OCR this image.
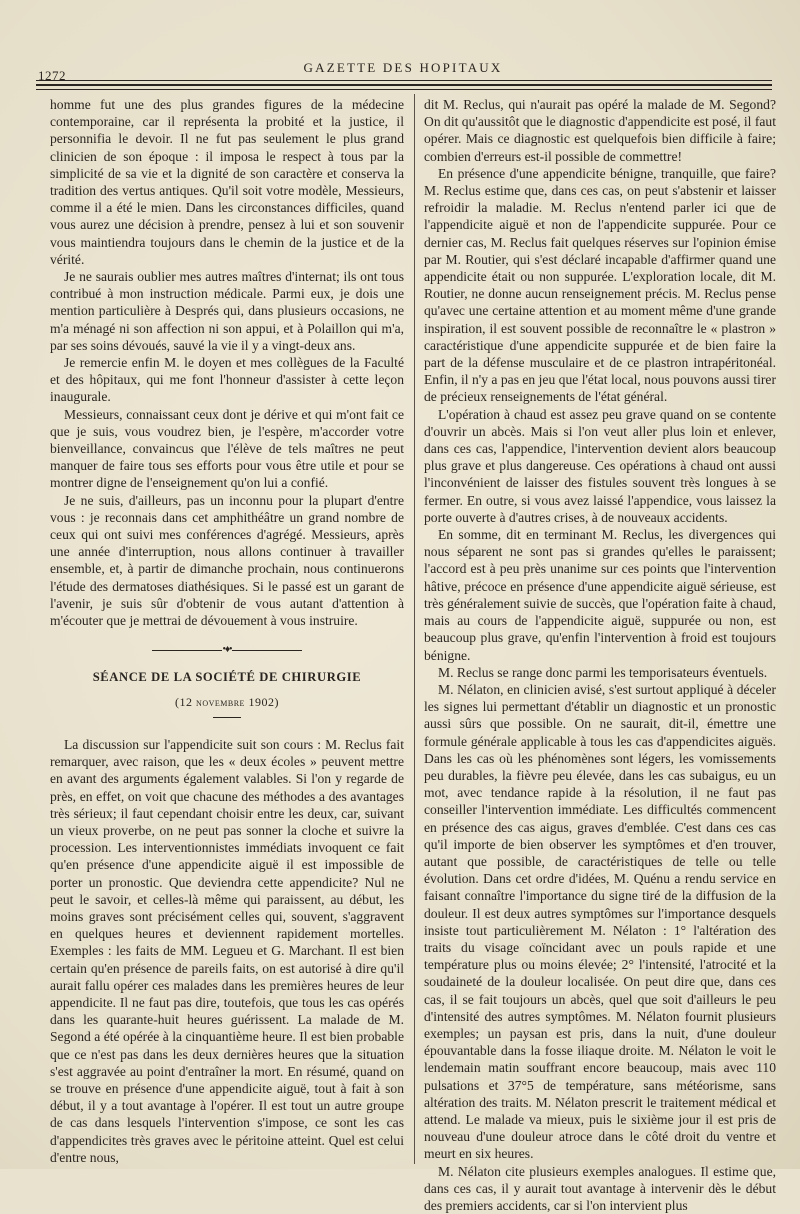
1272
GAZETTE DES HOPITAUX

homme fut une des plus grandes figures de la médecine contemporaine, car il représenta la probité et la justice, il personnifia le devoir. Il ne fut pas seulement le plus grand clinicien de son époque : il imposa le respect à tous par la simplicité de sa vie et la dignité de son caractère et conserva la tradition des vertus antiques. Qu'il soit votre modèle, Messieurs, comme il a été le mien. Dans les circonstances difficiles, quand vous aurez une décision à prendre, pensez à lui et son souvenir vous maintiendra toujours dans le chemin de la justice et de la vérité.

Je ne saurais oublier mes autres maîtres d'internat; ils ont tous contribué à mon instruction médicale. Parmi eux, je dois une mention particulière à Després qui, dans plusieurs occasions, ne m'a ménagé ni son affection ni son appui, et à Polaillon qui m'a, par ses soins dévoués, sauvé la vie il y a vingt-deux ans.

Je remercie enfin M. le doyen et mes collègues de la Faculté et des hôpitaux, qui me font l'honneur d'assister à cette leçon inaugurale.

Messieurs, connaissant ceux dont je dérive et qui m'ont fait ce que je suis, vous voudrez bien, je l'espère, m'accorder votre bienveillance, convaincus que l'élève de tels maîtres ne peut manquer de faire tous ses efforts pour vous être utile et pour se montrer digne de l'enseignement qu'on lui a confié.

Je ne suis, d'ailleurs, pas un inconnu pour la plupart d'entre vous : je reconnais dans cet amphithéâtre un grand nombre de ceux qui ont suivi mes conférences d'agrégé. Messieurs, après une année d'interruption, nous allons continuer à travailler ensemble, et, à partir de dimanche prochain, nous continuerons l'étude des dermatoses diathésiques. Si le passé est un garant de l'avenir, je suis sûr d'obtenir de vous autant d'attention à m'écouter que je mettrai de dévouement à vous instruire.

•♦•
SÉANCE DE LA SOCIÉTÉ DE CHIRURGIE
(12 novembre 1902)

La discussion sur l'appendicite suit son cours : M. Reclus fait remarquer, avec raison, que les « deux écoles » peuvent mettre en avant des arguments également valables. Si l'on y regarde de près, en effet, on voit que chacune des méthodes a des avantages très sérieux; il faut cependant choisir entre les deux, car, suivant un vieux proverbe, on ne peut pas sonner la cloche et suivre la procession. Les interventionnistes immédiats invoquent ce fait qu'en présence d'une appendicite aiguë il est impossible de porter un pronostic. Que deviendra cette appendicite? Nul ne peut le savoir, et celles-là même qui paraissent, au début, les moins graves sont précisément celles qui, souvent, s'aggravent en quelques heures et deviennent rapidement mortelles. Exemples : les faits de MM. Legueu et G. Marchant. Il est bien certain qu'en présence de pareils faits, on est autorisé à dire qu'il aurait fallu opérer ces malades dans les premières heures de leur appendicite. Il ne faut pas dire, toutefois, que tous les cas opérés dans les quarante-huit heures guérissent. La malade de M. Segond a été opérée à la cinquantième heure. Il est bien probable que ce n'est pas dans les deux dernières heures que la situation s'est aggravée au point d'entraîner la mort. En résumé, quand on se trouve en présence d'une appendicite aiguë, tout à fait à son début, il y a tout avantage à l'opérer. Il est tout un autre groupe de cas dans lesquels l'intervention s'impose, ce sont les cas d'appendicites très graves avec le péritoine atteint. Quel est celui d'entre nous,

dit M. Reclus, qui n'aurait pas opéré la malade de M. Segond? On dit qu'aussitôt que le diagnostic d'appendicite est posé, il faut opérer. Mais ce diagnostic est quelquefois bien difficile à faire; combien d'erreurs est-il possible de commettre!

En présence d'une appendicite bénigne, tranquille, que faire? M. Reclus estime que, dans ces cas, on peut s'abstenir et laisser refroidir la maladie. M. Reclus n'entend parler ici que de l'appendicite aiguë et non de l'appendicite suppurée. Pour ce dernier cas, M. Reclus fait quelques réserves sur l'opinion émise par M. Routier, qui s'est déclaré incapable d'affirmer quand une appendicite était ou non suppurée. L'exploration locale, dit M. Routier, ne donne aucun renseignement précis. M. Reclus pense qu'avec une certaine attention et au moment même d'une grande inspiration, il est souvent possible de reconnaître le « plastron » caractéristique d'une appendicite suppurée et de bien faire la part de la défense musculaire et de ce plastron intrapéritonéal. Enfin, il n'y a pas en jeu que l'état local, nous pouvons aussi tirer de précieux renseignements de l'état général.

L'opération à chaud est assez peu grave quand on se contente d'ouvrir un abcès. Mais si l'on veut aller plus loin et enlever, dans ces cas, l'appendice, l'intervention devient alors beaucoup plus grave et plus dangereuse. Ces opérations à chaud ont aussi l'inconvénient de laisser des fistules souvent très longues à se fermer. En outre, si vous avez laissé l'appendice, vous laissez la porte ouverte à d'autres crises, à de nouveaux accidents.

En somme, dit en terminant M. Reclus, les divergences qui nous séparent ne sont pas si grandes qu'elles le paraissent; l'accord est à peu près unanime sur ces points que l'intervention hâtive, précoce en présence d'une appendicite aiguë sérieuse, est très généralement suivie de succès, que l'opération faite à chaud, mais au cours de l'appendicite aiguë, suppurée ou non, est beaucoup plus grave, qu'enfin l'intervention à froid est toujours bénigne.

M. Reclus se range donc parmi les temporisateurs éventuels.

M. Nélaton, en clinicien avisé, s'est surtout appliqué à déceler les signes lui permettant d'établir un diagnostic et un pronostic aussi sûrs que possible. On ne saurait, dit-il, émettre une formule générale applicable à tous les cas d'appendicites aiguës. Dans les cas où les phénomènes sont légers, les vomissements peu durables, la fièvre peu élevée, dans les cas subaigus, eu un mot, avec tendance rapide à la résolution, il ne faut pas conseiller l'intervention immédiate. Les difficultés commencent en présence des cas aigus, graves d'emblée. C'est dans ces cas qu'il importe de bien observer les symptômes et d'en trouver, autant que possible, de caractéristiques de telle ou telle évolution. Dans cet ordre d'idées, M. Quénu a rendu service en faisant connaître l'importance du signe tiré de la diffusion de la douleur. Il est deux autres symptômes sur l'importance desquels insiste tout particulièrement M. Nélaton : 1° l'altération des traits du visage coïncidant avec un pouls rapide et une température plus ou moins élevée; 2° l'intensité, l'atrocité et la soudaineté de la douleur localisée. On peut dire que, dans ces cas, il se fait toujours un abcès, quel que soit d'ailleurs le peu d'intensité des autres symptômes. M. Nélaton fournit plusieurs exemples; un paysan est pris, dans la nuit, d'une douleur épouvantable dans la fosse iliaque droite. M. Nélaton le voit le lendemain matin souffrant encore beaucoup, mais avec 110 pulsations et 37°5 de température, sans météorisme, sans altération des traits. M. Nélaton prescrit le traitement médical et attend. Le malade va mieux, puis le sixième jour il est pris de nouveau d'une douleur atroce dans le côté droit du ventre et meurt en six heures.

M. Nélaton cite plusieurs exemples analogues. Il estime que, dans ces cas, il y aurait tout avantage à intervenir dès le début des premiers accidents, car si l'on intervient plus
